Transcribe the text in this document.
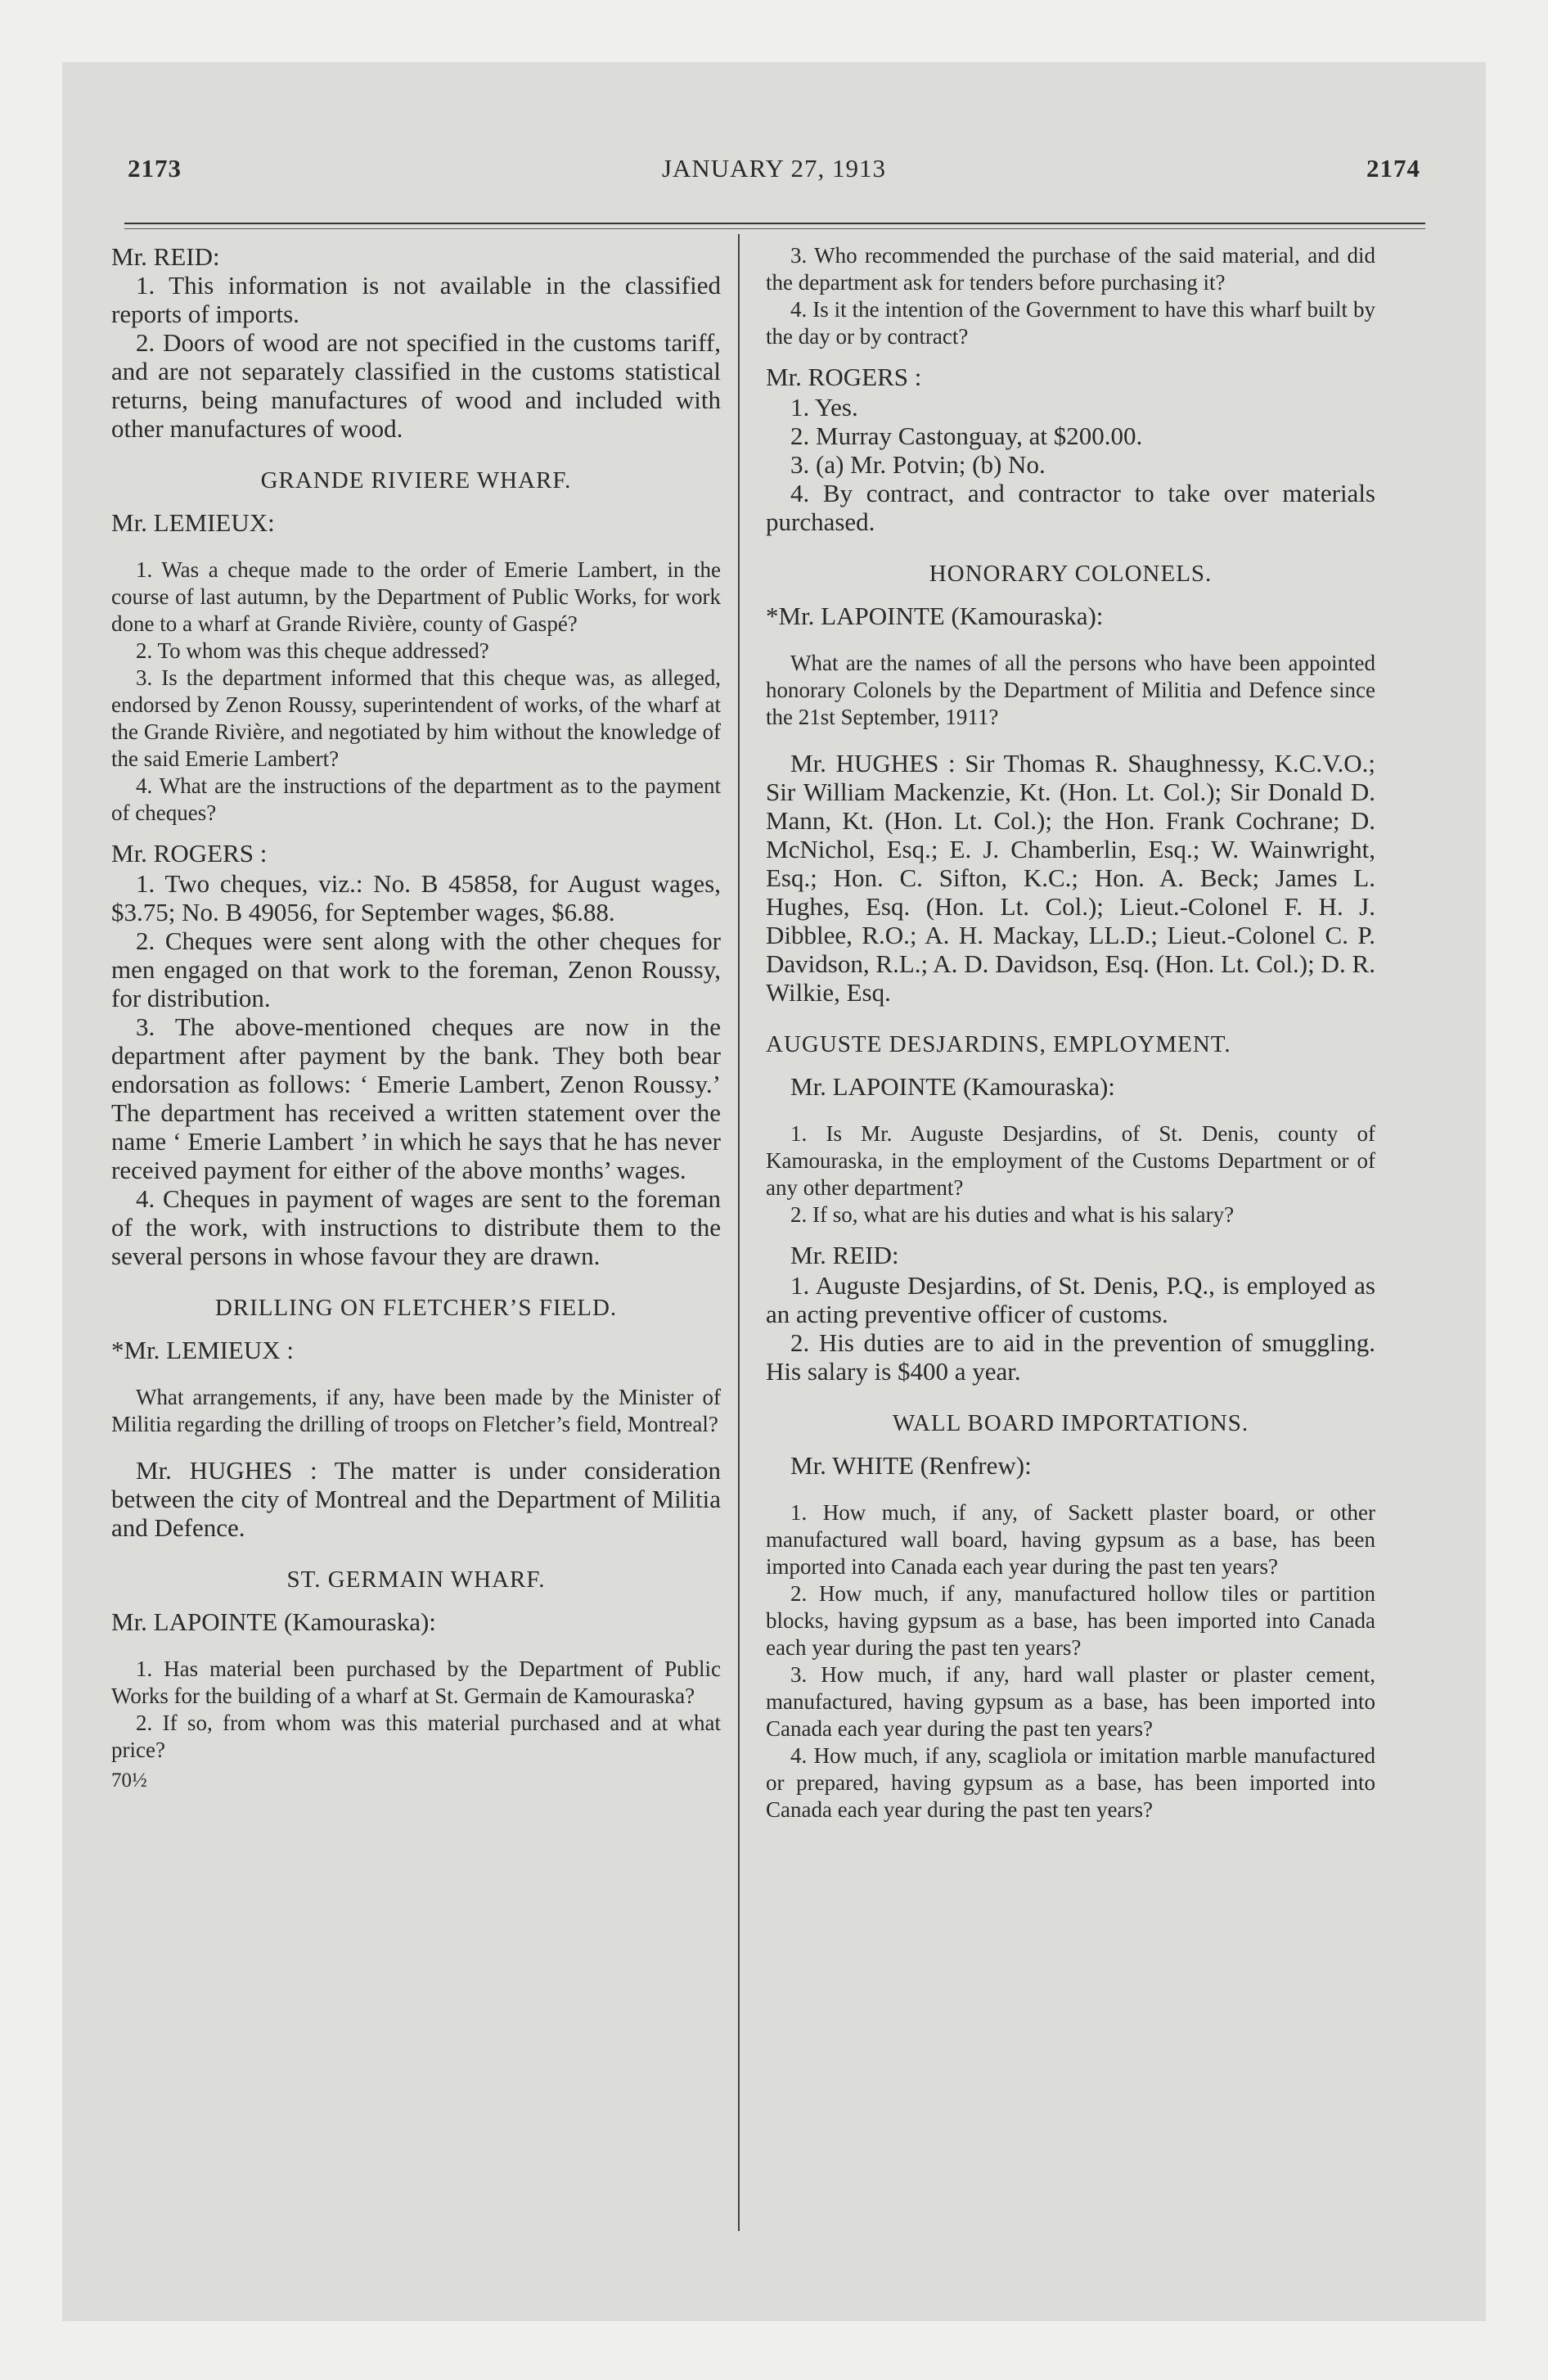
2173	JANUARY 27, 1913	2174

Mr. REID:

1. This information is not available in the classified reports of imports.

2. Doors of wood are not specified in the customs tariff, and are not separately classified in the customs statistical returns, being manufactures of wood and included with other manufactures of wood.

GRANDE RIVIERE WHARF.

Mr. LEMIEUX:

1. Was a cheque made to the order of Emerie Lambert, in the course of last autumn, by the Department of Public Works, for work done to a wharf at Grande Rivière, county of Gaspé?

2. To whom was this cheque addressed?

3. Is the department informed that this cheque was, as alleged, endorsed by Zenon Roussy, superintendent of works, of the wharf at the Grande Rivière, and negotiated by him without the knowledge of the said Emerie Lambert?

4. What are the instructions of the department as to the payment of cheques?

Mr. ROGERS :

1. Two cheques, viz.: No. B 45858, for August wages, $3.75; No. B 49056, for September wages, $6.88.

2. Cheques were sent along with the other cheques for men engaged on that work to the foreman, Zenon Roussy, for distribution.

3. The above-mentioned cheques are now in the department after payment by the bank. They both bear endorsation as follows: ‘ Emerie Lambert, Zenon Roussy.’ The department has received a written statement over the name ‘ Emerie Lambert ’ in which he says that he has never received payment for either of the above months’ wages.

4. Cheques in payment of wages are sent to the foreman of the work, with instructions to distribute them to the several persons in whose favour they are drawn.

DRILLING ON FLETCHER’S FIELD.

*Mr. LEMIEUX :

What arrangements, if any, have been made by the Minister of Militia regarding the drilling of troops on Fletcher’s field, Montreal?

Mr. HUGHES : The matter is under consideration between the city of Montreal and the Department of Militia and Defence.

ST. GERMAIN WHARF.

Mr. LAPOINTE (Kamouraska):

1. Has material been purchased by the Department of Public Works for the building of a wharf at St. Germain de Kamouraska?

2. If so, from whom was this material purchased and at what price?

70½

3. Who recommended the purchase of the said material, and did the department ask for tenders before purchasing it?

4. Is it the intention of the Government to have this wharf built by the day or by contract?

Mr. ROGERS :

1. Yes.

2. Murray Castonguay, at $200.00.

3. (a) Mr. Potvin; (b) No.

4. By contract, and contractor to take over materials purchased.

HONORARY COLONELS.

*Mr. LAPOINTE (Kamouraska):

What are the names of all the persons who have been appointed honorary Colonels by the Department of Militia and Defence since the 21st September, 1911?

Mr. HUGHES : Sir Thomas R. Shaughnessy, K.C.V.O.; Sir William Mackenzie, Kt. (Hon. Lt. Col.); Sir Donald D. Mann, Kt. (Hon. Lt. Col.); the Hon. Frank Cochrane; D. McNichol, Esq.; E. J. Chamberlin, Esq.; W. Wainwright, Esq.; Hon. C. Sifton, K.C.; Hon. A. Beck; James L. Hughes, Esq. (Hon. Lt. Col.); Lieut.-Colonel F. H. J. Dibblee, R.O.; A. H. Mackay, LL.D.; Lieut.-Colonel C. P. Davidson, R.L.; A. D. Davidson, Esq. (Hon. Lt. Col.); D. R. Wilkie, Esq.

AUGUSTE DESJARDINS, EMPLOYMENT.

Mr. LAPOINTE (Kamouraska):

1. Is Mr. Auguste Desjardins, of St. Denis, county of Kamouraska, in the employment of the Customs Department or of any other department?

2. If so, what are his duties and what is his salary?

Mr. REID:

1. Auguste Desjardins, of St. Denis, P.Q., is employed as an acting preventive officer of customs.

2. His duties are to aid in the prevention of smuggling. His salary is $400 a year.

WALL BOARD IMPORTATIONS.

Mr. WHITE (Renfrew):

1. How much, if any, of Sackett plaster board, or other manufactured wall board, having gypsum as a base, has been imported into Canada each year during the past ten years?

2. How much, if any, manufactured hollow tiles or partition blocks, having gypsum as a base, has been imported into Canada each year during the past ten years?

3. How much, if any, hard wall plaster or plaster cement, manufactured, having gypsum as a base, has been imported into Canada each year during the past ten years?

4. How much, if any, scagliola or imitation marble manufactured or prepared, having gypsum as a base, has been imported into Canada each year during the past ten years?
